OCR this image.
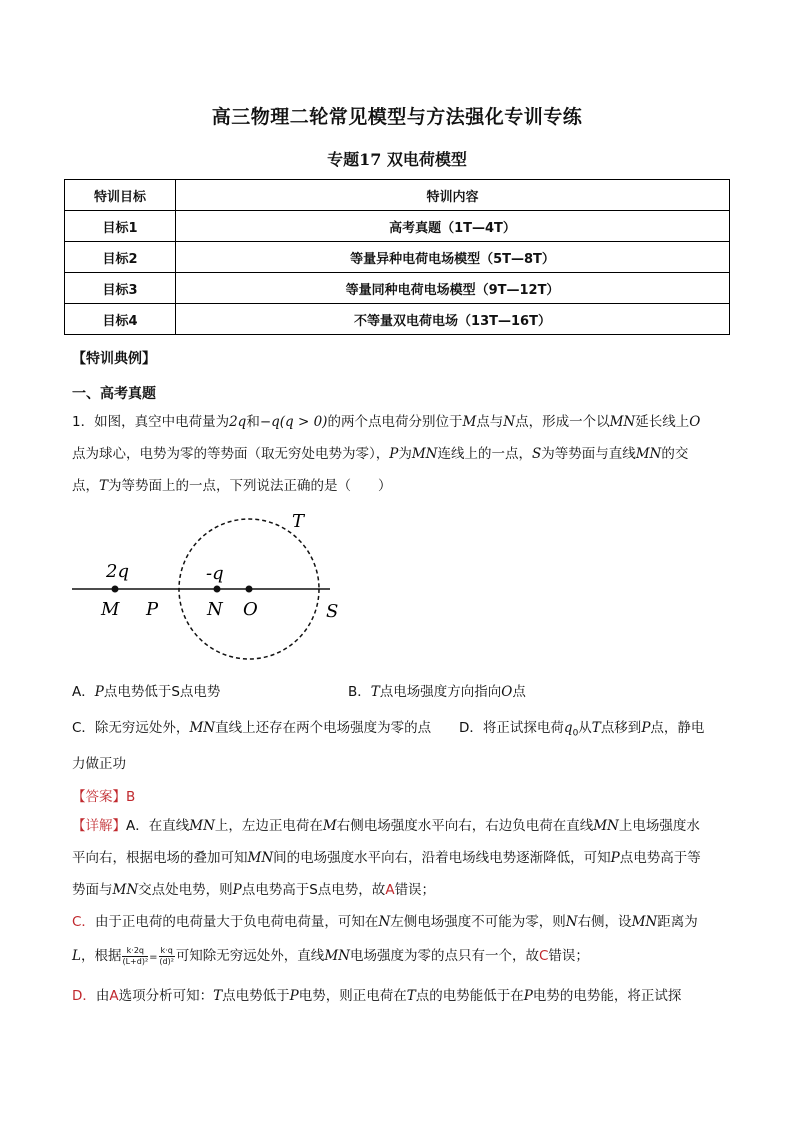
高三物理二轮常见模型与方法强化专训专练
专题17 双电荷模型
特训目标	特训内容
目标1	高考真题（1T—4T）
目标2	等量异种电荷电场模型（5T—8T）
目标3	等量同种电荷电场模型（9T—12T）
目标4	不等量双电荷电场（13T—16T）
【特训典例】
一、高考真题
1．如图，真空中电荷量为2q和−q(q > 0)的两个点电荷分别位于M点与N点，形成一个以MN延长线上O
点为球心，电势为零的等势面（取无穷处电势为零），P为MN连线上的一点，S为等势面与直线MN的交
点，T为等势面上的一点，下列说法正确的是（　　）
T
2q	-q
M P	N O	S
A．P点电势低于S点电势	B．T点电场强度方向指向O点
C．除无穷远处外，MN直线上还存在两个电场强度为零的点 D．将正试探电荷$q_0$从T点移到P点，静电
力做正功
【答案】B
【详解】A．在直线MN上，左边正电荷在M右侧电场强度水平向右，右边负电荷在直线MN上电场强度水
平向右，根据电场的叠加可知MN间的电场强度水平向右，沿着电场线电势逐渐降低，可知P点电势高于等
势面与MN交点处电势，则P点电势高于S点电势，故A错误；
C．由于正电荷的电荷量大于负电荷电荷量，可知在N左侧电场强度不可能为零，则N右侧，设MN距离为
L，根据 $\frac{k\cdot 2q}{\text{(L+d)²}} = \frac{k\cdot q}{\text{(d)²}}$ 可知除无穷远处外，直线MN电场强度为零的点只有一个，故C错误；
D．由A选项分析可知：T点电势低于P电势，则正电荷在T点的电势能低于在P电势的电势能，将正试探
